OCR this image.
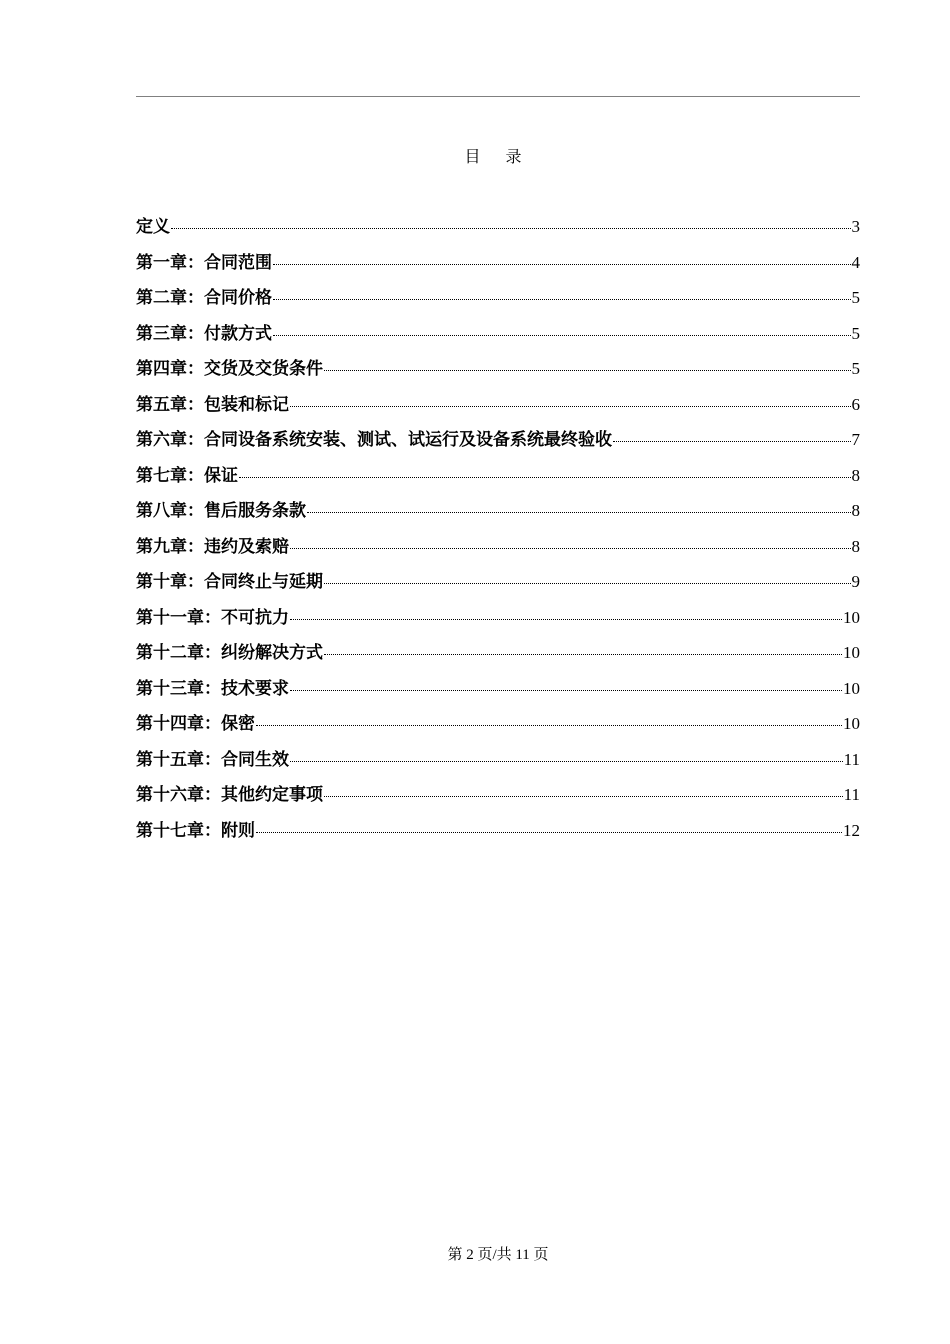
目 录
定义	3
第一章：合同范围	4
第二章：合同价格	5
第三章：付款方式	5
第四章：交货及交货条件	5
第五章：包装和标记	6
第六章：合同设备系统安装、测试、试运行及设备系统最终验收	7
第七章：保证	8
第八章：售后服务条款	8
第九章：违约及索赔	8
第十章：合同终止与延期	9
第十一章：不可抗力	10
第十二章：纠纷解决方式	10
第十三章：技术要求	10
第十四章：保密	10
第十五章：合同生效	11
第十六章：其他约定事项	11
第十七章：附则	12
第 2 页/共 11 页
